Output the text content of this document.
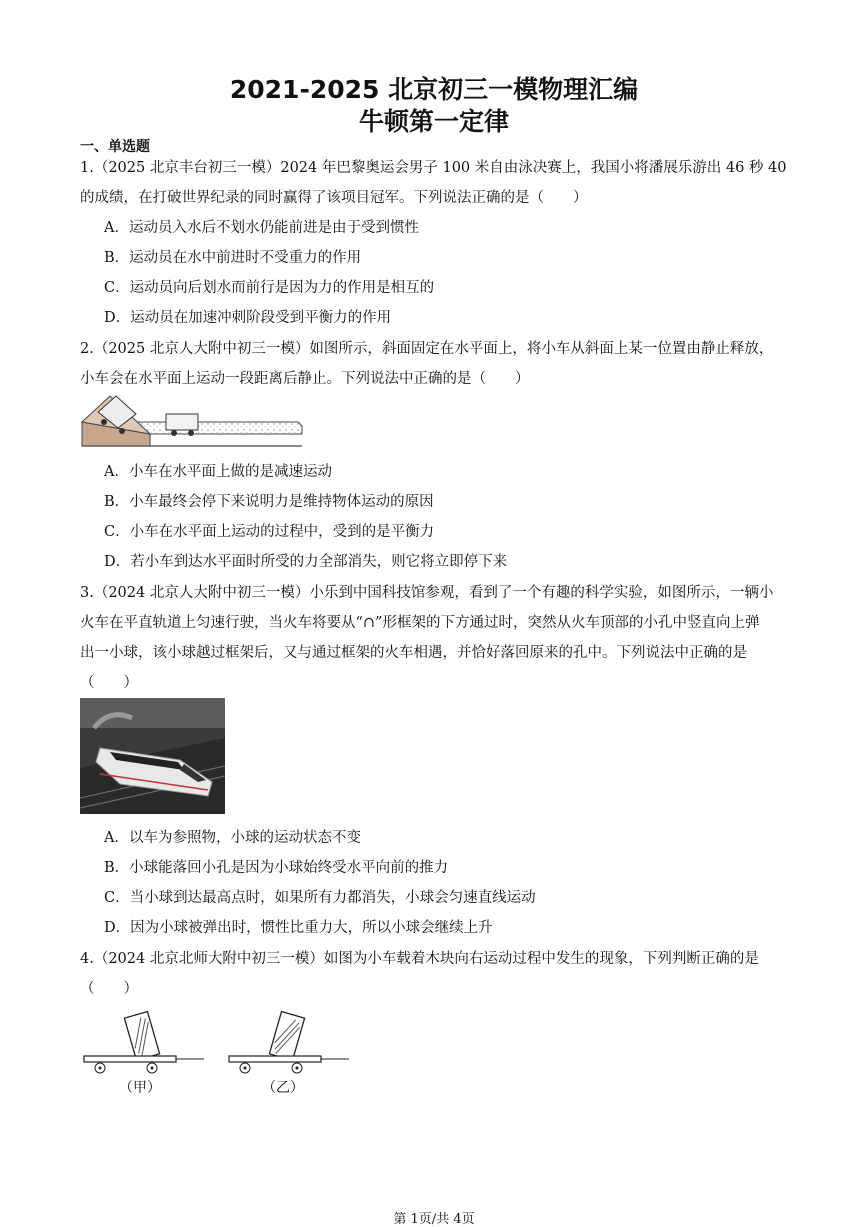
2021-2025 北京初三一模物理汇编
牛顿第一定律
一、单选题
1.（2025 北京丰台初三一模）2024 年巴黎奥运会男子 100 米自由泳决赛上，我国小将潘展乐游出 46 秒 40
的成绩，在打破世界纪录的同时赢得了该项目冠军。下列说法正确的是（　　）
A．运动员入水后不划水仍能前进是由于受到惯性
B．运动员在水中前进时不受重力的作用
C．运动员向后划水而前行是因为力的作用是相互的
D．运动员在加速冲刺阶段受到平衡力的作用
2.（2025 北京人大附中初三一模）如图所示，斜面固定在水平面上，将小车从斜面上某一位置由静止释放，
小车会在水平面上运动一段距离后静止。下列说法中正确的是（　　）
A．小车在水平面上做的是减速运动
B．小车最终会停下来说明力是维持物体运动的原因
C．小车在水平面上运动的过程中，受到的是平衡力
D．若小车到达水平面时所受的力全部消失，则它将立即停下来
3.（2024 北京人大附中初三一模）小乐到中国科技馆参观，看到了一个有趣的科学实验，如图所示，一辆小
火车在平直轨道上匀速行驶，当火车将要从“∩”形框架的下方通过时，突然从火车顶部的小孔中竖直向上弹
出一小球，该小球越过框架后，又与通过框架的火车相遇，并恰好落回原来的孔中。下列说法中正确的是
（　　）
A．以车为参照物，小球的运动状态不变
B．小球能落回小孔是因为小球始终受水平向前的推力
C．当小球到达最高点时，如果所有力都消失，小球会匀速直线运动
D．因为小球被弹出时，惯性比重力大，所以小球会继续上升
4.（2024 北京北师大附中初三一模）如图为小车载着木块向右运动过程中发生的现象，下列判断正确的是
（　　）
（甲）	（乙）
第 1页/共 4页
